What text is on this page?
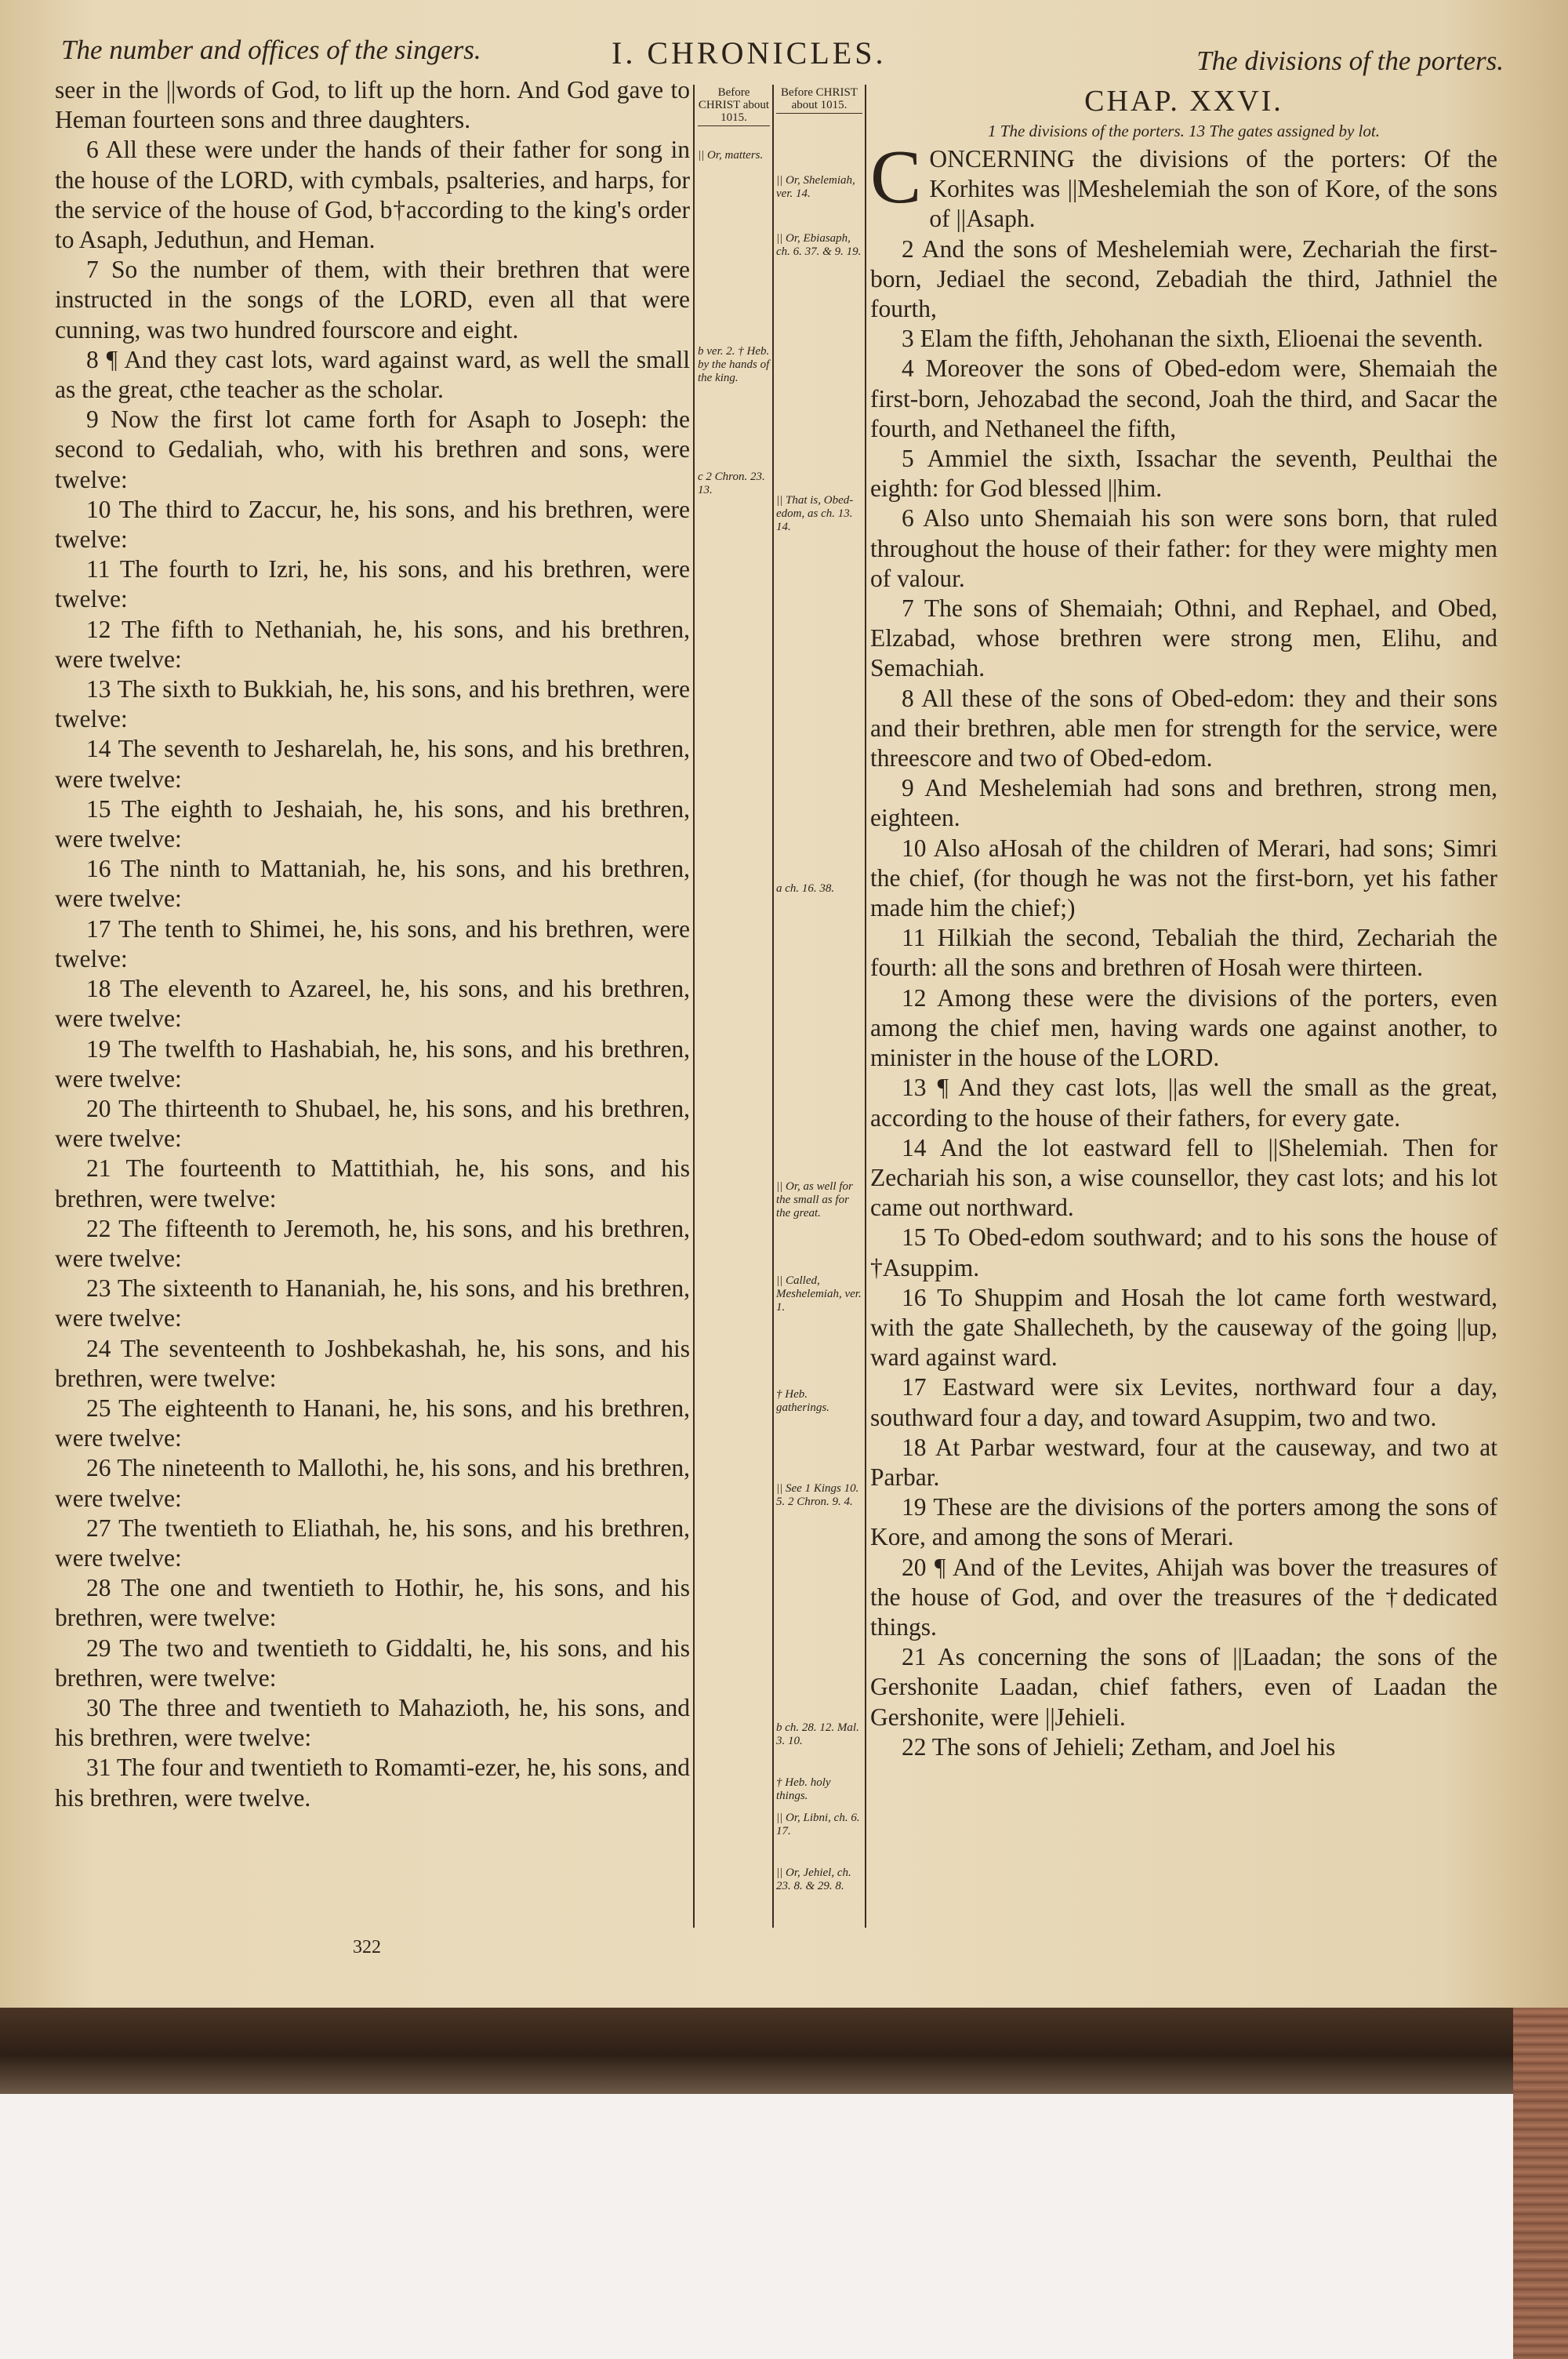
The number and offices of the singers.	I. CHRONICLES.	The divisions of the porters.

seer in the ||words of God, to lift up the horn. And God gave to Heman fourteen sons and three daughters.

6 All these were under the hands of their father for song in the house of the LORD, with cymbals, psalteries, and harps, for the service of the house of God, b†according to the king's order to Asaph, Jeduthun, and Heman.

7 So the number of them, with their brethren that were instructed in the songs of the LORD, even all that were cunning, was two hundred fourscore and eight.

8 ¶ And they cast lots, ward against ward, as well the small as the great, cthe teacher as the scholar.

9 Now the first lot came forth for Asaph to Joseph: the second to Gedaliah, who, with his brethren and sons, were twelve:

10 The third to Zaccur, he, his sons, and his brethren, were twelve:

11 The fourth to Izri, he, his sons, and his brethren, were twelve:

12 The fifth to Nethaniah, he, his sons, and his brethren, were twelve:

13 The sixth to Bukkiah, he, his sons, and his brethren, were twelve:

14 The seventh to Jesharelah, he, his sons, and his brethren, were twelve:

15 The eighth to Jeshaiah, he, his sons, and his brethren, were twelve:

16 The ninth to Mattaniah, he, his sons, and his brethren, were twelve:

17 The tenth to Shimei, he, his sons, and his brethren, were twelve:

18 The eleventh to Azareel, he, his sons, and his brethren, were twelve:

19 The twelfth to Hashabiah, he, his sons, and his brethren, were twelve:

20 The thirteenth to Shubael, he, his sons, and his brethren, were twelve:

21 The fourteenth to Mattithiah, he, his sons, and his brethren, were twelve:

22 The fifteenth to Jeremoth, he, his sons, and his brethren, were twelve:

23 The sixteenth to Hananiah, he, his sons, and his brethren, were twelve:

24 The seventeenth to Joshbekashah, he, his sons, and his brethren, were twelve:

25 The eighteenth to Hanani, he, his sons, and his brethren, were twelve:

26 The nineteenth to Mallothi, he, his sons, and his brethren, were twelve:

27 The twentieth to Eliathah, he, his sons, and his brethren, were twelve:

28 The one and twentieth to Hothir, he, his sons, and his brethren, were twelve:

29 The two and twentieth to Giddalti, he, his sons, and his brethren, were twelve:

30 The three and twentieth to Mahazioth, he, his sons, and his brethren, were twelve:

31 The four and twentieth to Romamti-ezer, he, his sons, and his brethren, were twelve.

Before CHRIST about 1015.
|| Or, matters.
b ver. 2. † Heb. by the hands of the king.
c 2 Chron. 23. 13.
Before CHRIST about 1015.
|| Or, Shelemiah, ver. 14.
|| Or, Ebiasaph, ch. 6. 37. & 9. 19.
|| That is, Obed-edom, as ch. 13. 14.
a ch. 16. 38.
|| Or, as well for the small as for the great.
|| Called, Meshelemiah, ver. 1.
† Heb. gatherings.
|| See 1 Kings 10. 5. 2 Chron. 9. 4.
b ch. 28. 12. Mal. 3. 10.
† Heb. holy things.
|| Or, Libni, ch. 6. 17.
|| Or, Jehiel, ch. 23. 8. & 29. 8.
CHAP. XXVI.
1 The divisions of the porters. 13 The gates assigned by lot.

CONCERNING the divisions of the porters: Of the Korhites was ||Meshelemiah the son of Kore, of the sons of ||Asaph.

2 And the sons of Meshelemiah were, Zechariah the first-born, Jediael the second, Zebadiah the third, Jathniel the fourth,

3 Elam the fifth, Jehohanan the sixth, Elioenai the seventh.

4 Moreover the sons of Obed-edom were, Shemaiah the first-born, Jehozabad the second, Joah the third, and Sacar the fourth, and Nethaneel the fifth,

5 Ammiel the sixth, Issachar the seventh, Peulthai the eighth: for God blessed ||him.

6 Also unto Shemaiah his son were sons born, that ruled throughout the house of their father: for they were mighty men of valour.

7 The sons of Shemaiah; Othni, and Rephael, and Obed, Elzabad, whose brethren were strong men, Elihu, and Semachiah.

8 All these of the sons of Obed-edom: they and their sons and their brethren, able men for strength for the service, were threescore and two of Obed-edom.

9 And Meshelemiah had sons and brethren, strong men, eighteen.

10 Also aHosah of the children of Merari, had sons; Simri the chief, (for though he was not the first-born, yet his father made him the chief;)

11 Hilkiah the second, Tebaliah the third, Zechariah the fourth: all the sons and brethren of Hosah were thirteen.

12 Among these were the divisions of the porters, even among the chief men, having wards one against another, to minister in the house of the LORD.

13 ¶ And they cast lots, ||as well the small as the great, according to the house of their fathers, for every gate.

14 And the lot eastward fell to ||Shelemiah. Then for Zechariah his son, a wise counsellor, they cast lots; and his lot came out northward.

15 To Obed-edom southward; and to his sons the house of †Asuppim.

16 To Shuppim and Hosah the lot came forth westward, with the gate Shallecheth, by the causeway of the going ||up, ward against ward.

17 Eastward were six Levites, northward four a day, southward four a day, and toward Asuppim, two and two.

18 At Parbar westward, four at the causeway, and two at Parbar.

19 These are the divisions of the porters among the sons of Kore, and among the sons of Merari.

20 ¶ And of the Levites, Ahijah was bover the treasures of the house of God, and over the treasures of the †dedicated things.

21 As concerning the sons of ||Laadan; the sons of the Gershonite Laadan, chief fathers, even of Laadan the Gershonite, were ||Jehieli.

22 The sons of Jehieli; Zetham, and Joel his

322
